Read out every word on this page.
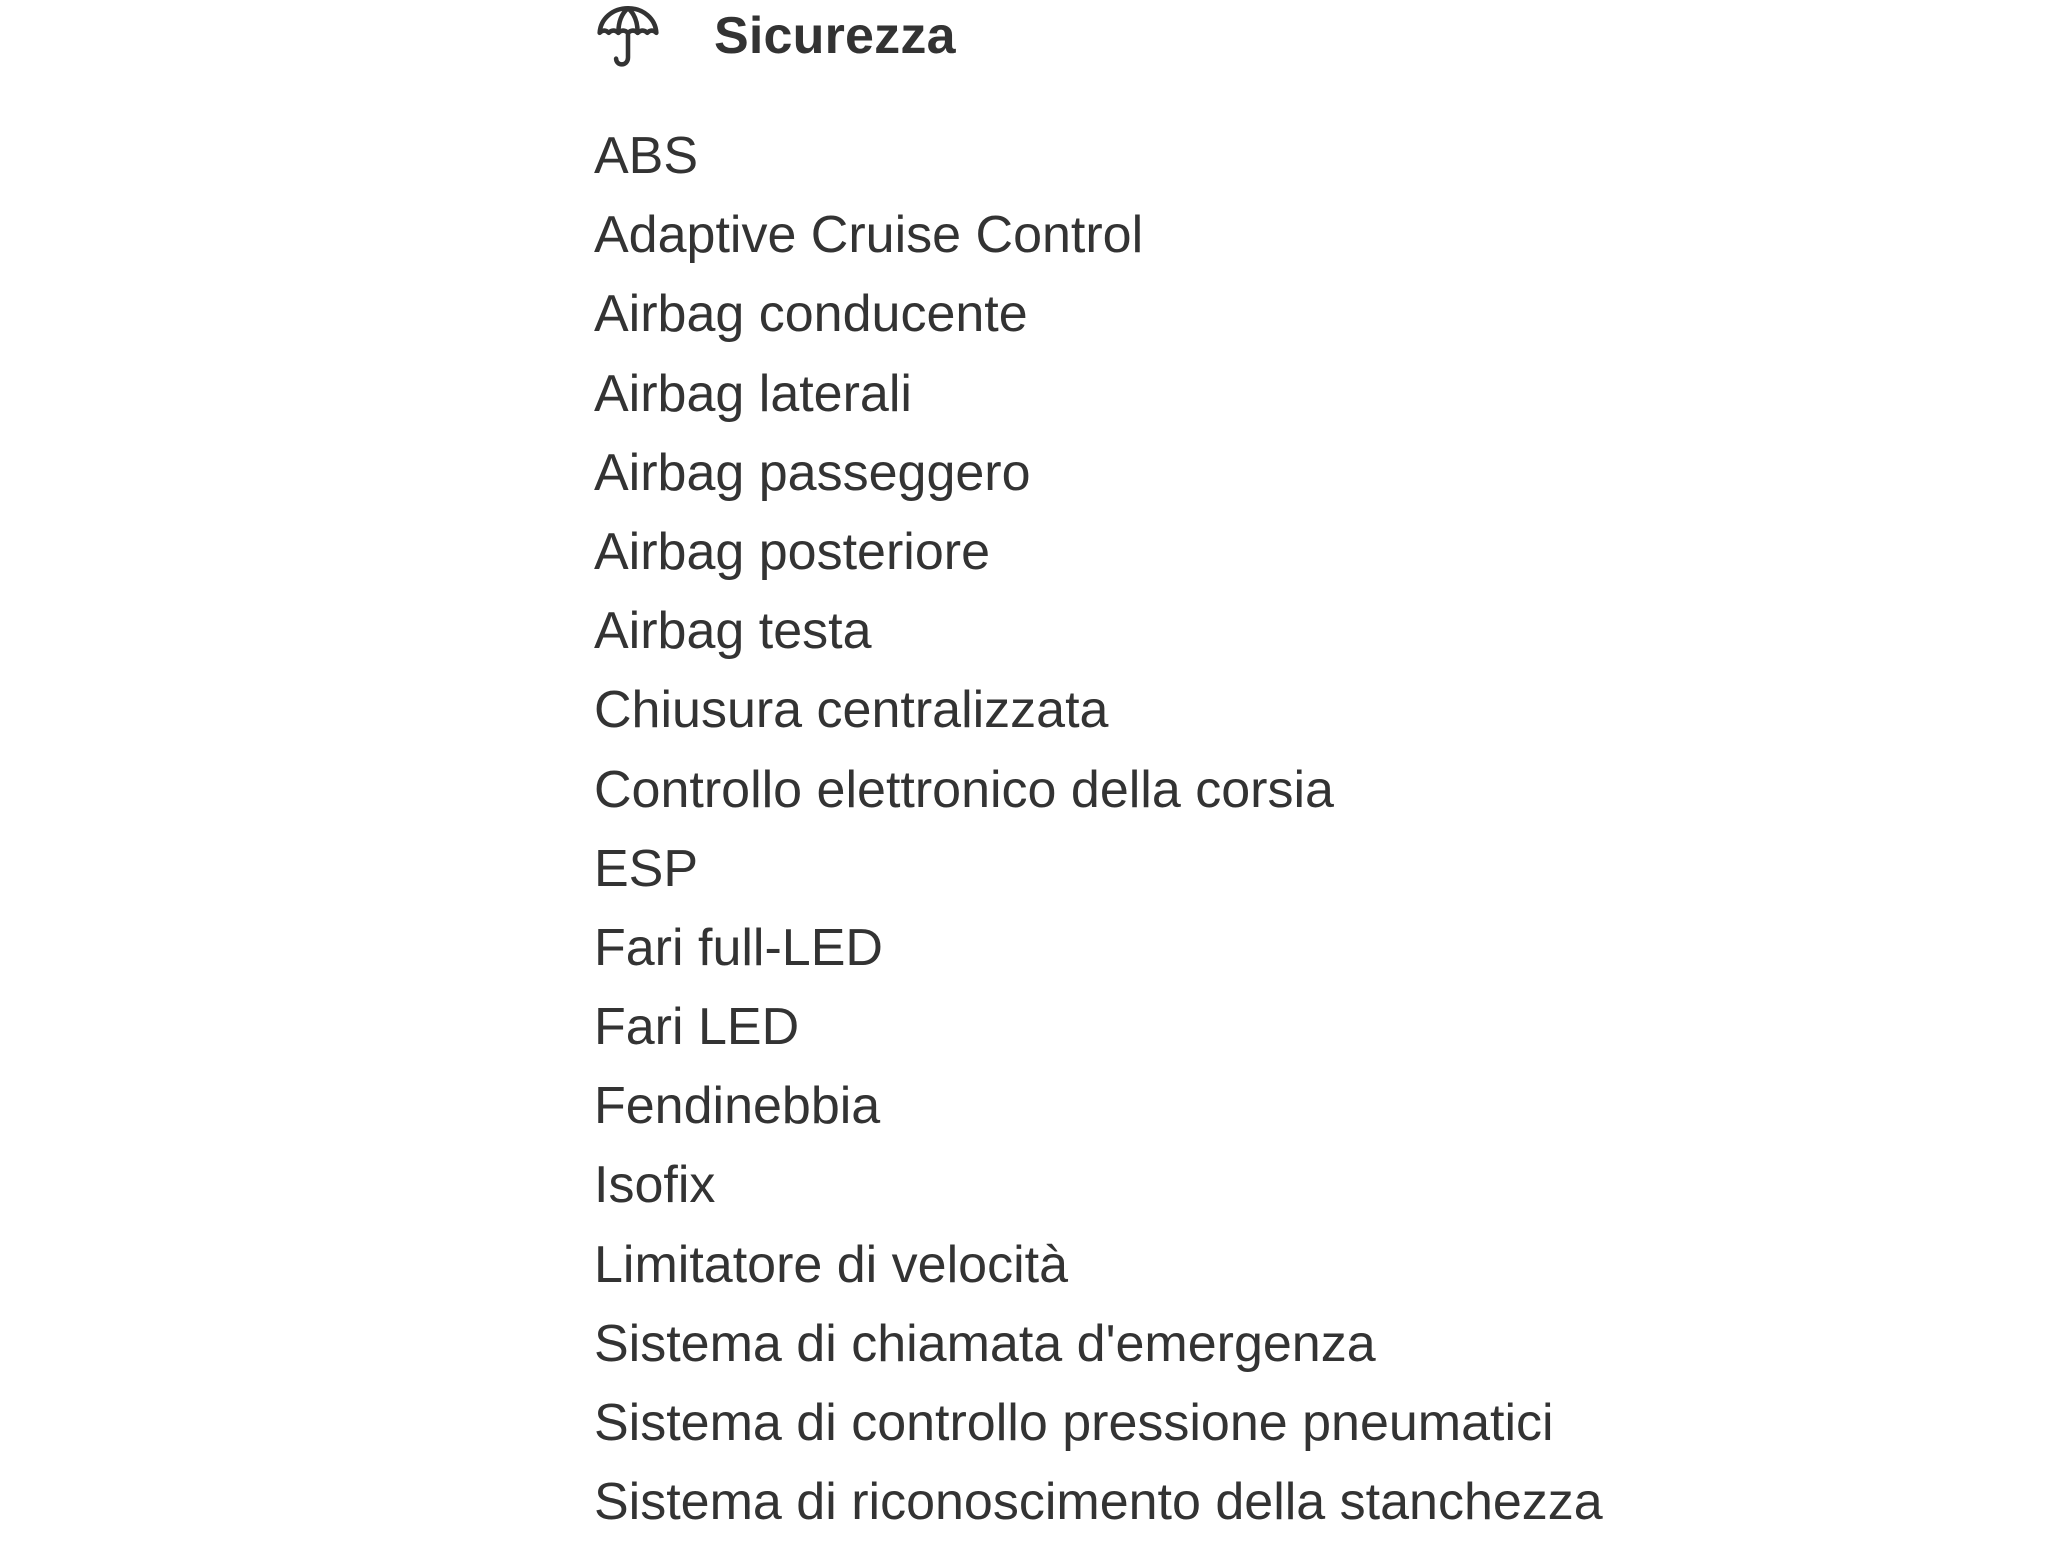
Sicurezza
ABS
Adaptive Cruise Control
Airbag conducente
Airbag laterali
Airbag passeggero
Airbag posteriore
Airbag testa
Chiusura centralizzata
Controllo elettronico della corsia
ESP
Fari full-LED
Fari LED
Fendinebbia
Isofix
Limitatore di velocità
Sistema di chiamata d'emergenza
Sistema di controllo pressione pneumatici
Sistema di riconoscimento della stanchezza
